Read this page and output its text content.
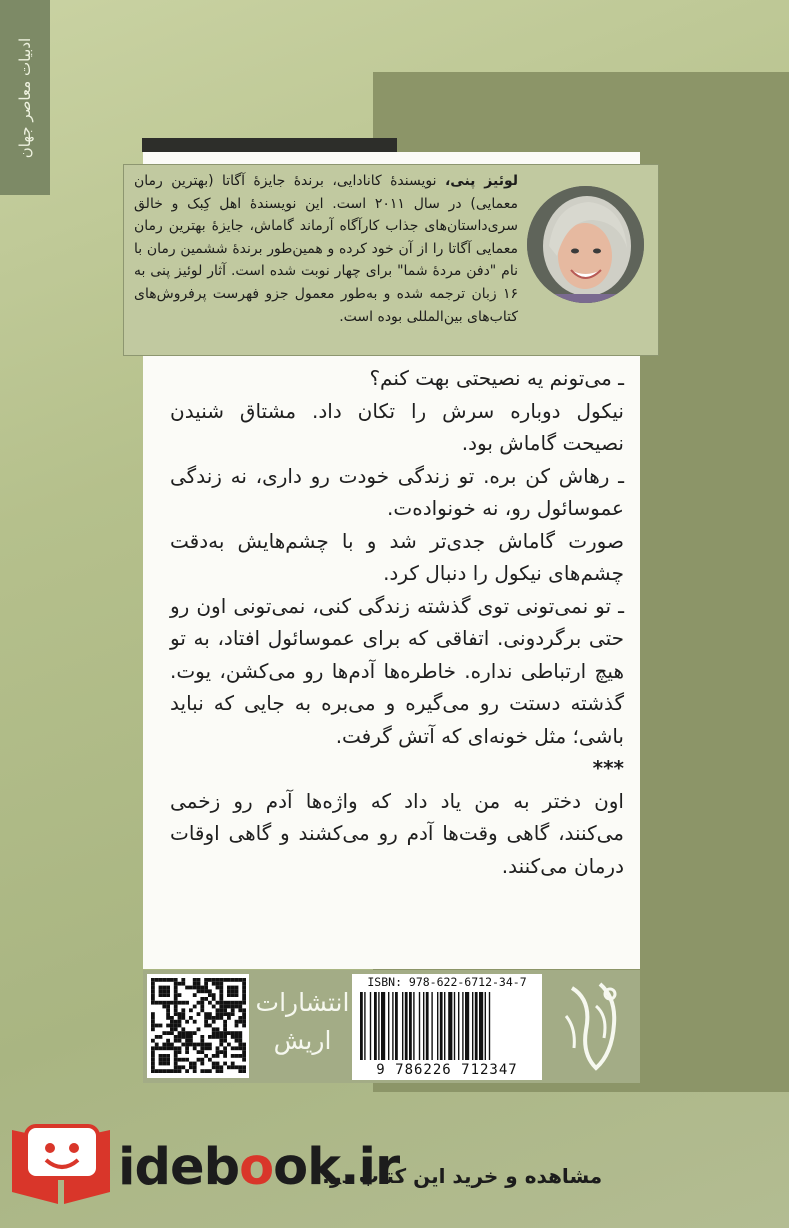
ادبیات معاصر جهان
لوئیز پنی، نویسندهٔ کانادایی، برندهٔ جایزهٔ آگاتا (بهترین رمان معمایی) در سال ۲۰۱۱ است. این نویسندهٔ اهل کِبک و خالق سری‌داستان‌های جذاب کارآگاه آرماند گاماش، جایزهٔ بهترین رمان معمایی آگاتا را از آن خود کرده و همین‌طور برندهٔ ششمین رمان با نام "دفن مردهٔ شما" برای چهار نوبت شده است. آثار لوئیز پنی به ۱۶ زبان ترجمه شده و به‌طور معمول جزو فهرست پرفروش‌های کتاب‌های بین‌المللی بوده است.

ـ می‌تونم یه نصیحتی بهت کنم؟

نیکول دوباره سرش را تکان داد. مشتاق شنیدن نصیحت گاماش بود.

ـ رهاش کن بره. تو زندگی خودت رو داری، نه زندگی عموسائول رو، نه خونواده‌ت.

صورت گاماش جدی‌تر شد و با چشم‌هایش به‌دقت چشم‌های نیکول را دنبال کرد.

ـ تو نمی‌تونی توی گذشته زندگی کنی، نمی‌تونی اون رو حتی برگردونی. اتفاقی که برای عموسائول افتاد، به تو هیچ ارتباطی نداره. خاطره‌ها آدم‌ها رو می‌کشن، یوت. گذشته دستت رو می‌گیره و می‌بره به جایی که نباید باشی؛ مثل خونه‌ای که آتش گرفت.

***

اون دختر به من یاد داد که واژه‌ها آدم رو زخمی می‌کنند، گاهی وقت‌ها آدم رو می‌کشند و گاهی اوقات درمان می‌کنند.

انتشارات
اریش
ISBN: 978-622-6712-34-7
9 786226 712347
idebook.ir
مشاهده و خرید این کتاب در:
